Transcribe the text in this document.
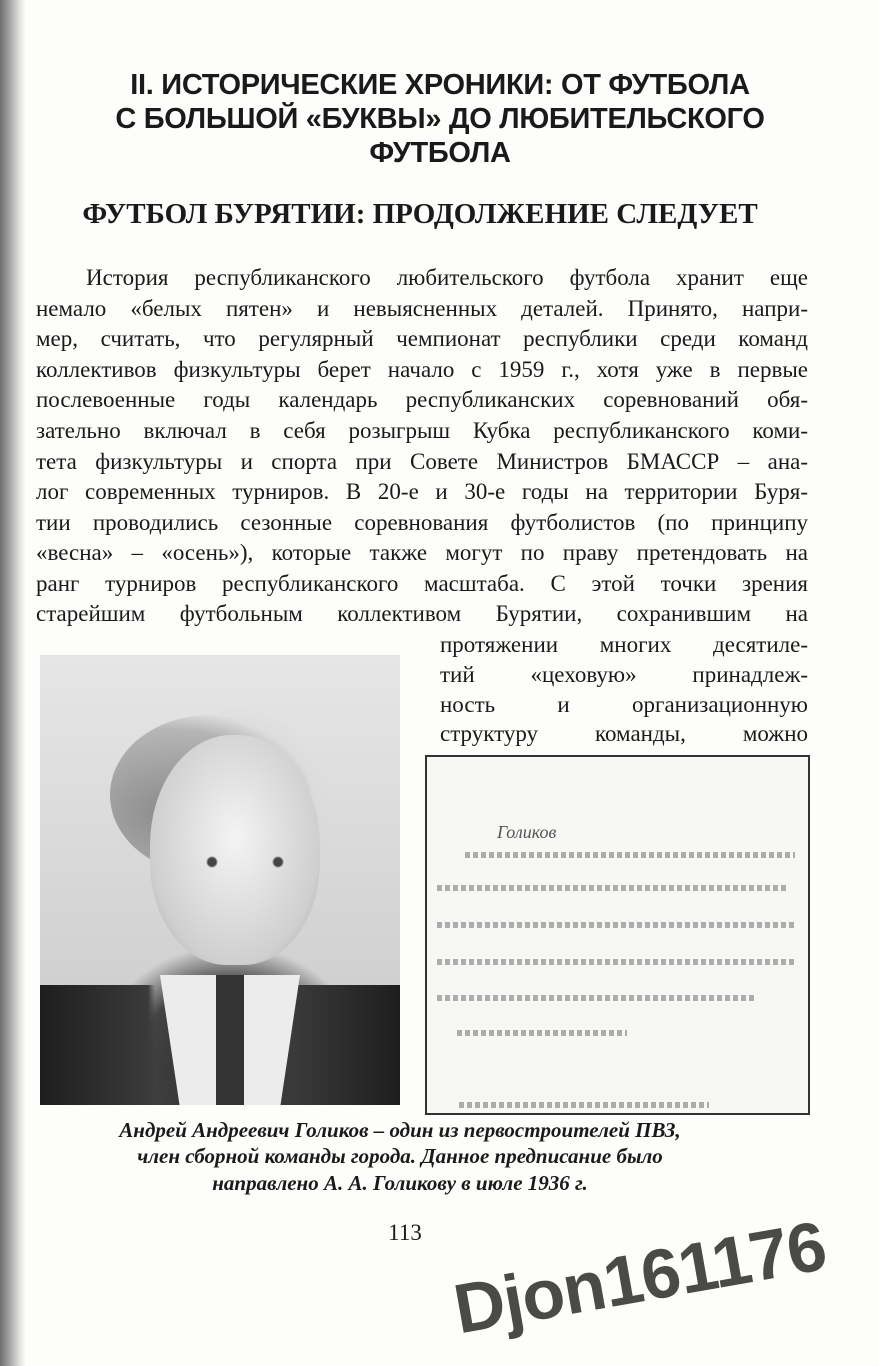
II. ИСТОРИЧЕСКИЕ ХРОНИКИ: ОТ ФУТБОЛА
С БОЛЬШОЙ «БУКВЫ» ДО ЛЮБИТЕЛЬСКОГО
ФУТБОЛА
ФУТБОЛ БУРЯТИИ: ПРОДОЛЖЕНИЕ СЛЕДУЕТ
История республиканского любительского футбола хранит еще
немало «белых пятен» и невыясненных деталей. Принято, напри-
мер, считать, что регулярный чемпионат республики среди команд
коллективов физкультуры берет начало с 1959 г., хотя уже в первые
послевоенные годы календарь республиканских соревнований обя-
зательно включал в себя розыгрыш Кубка республиканского коми-
тета физкультуры и спорта при Совете Министров БМАССР – ана-
лог современных турниров. В 20-е и 30-е годы на территории Буря-
тии проводились сезонные соревнования футболистов (по принципу
«весна» – «осень»), которые также могут по праву претендовать на
ранг турниров республиканского масштаба. С этой точки зрения
старейшим футбольным коллективом Бурятии, сохранившим на
протяжении многих десятиле-
тий «цеховую» принадлеж-
ность и организационную
структуру команды, можно
Голиков
Андрей Андреевич Голиков – один из первостроителей ПВЗ,
член сборной команды города. Данное предписание было
направлено А. А. Голикову в июле 1936 г.
113 Djon161176
